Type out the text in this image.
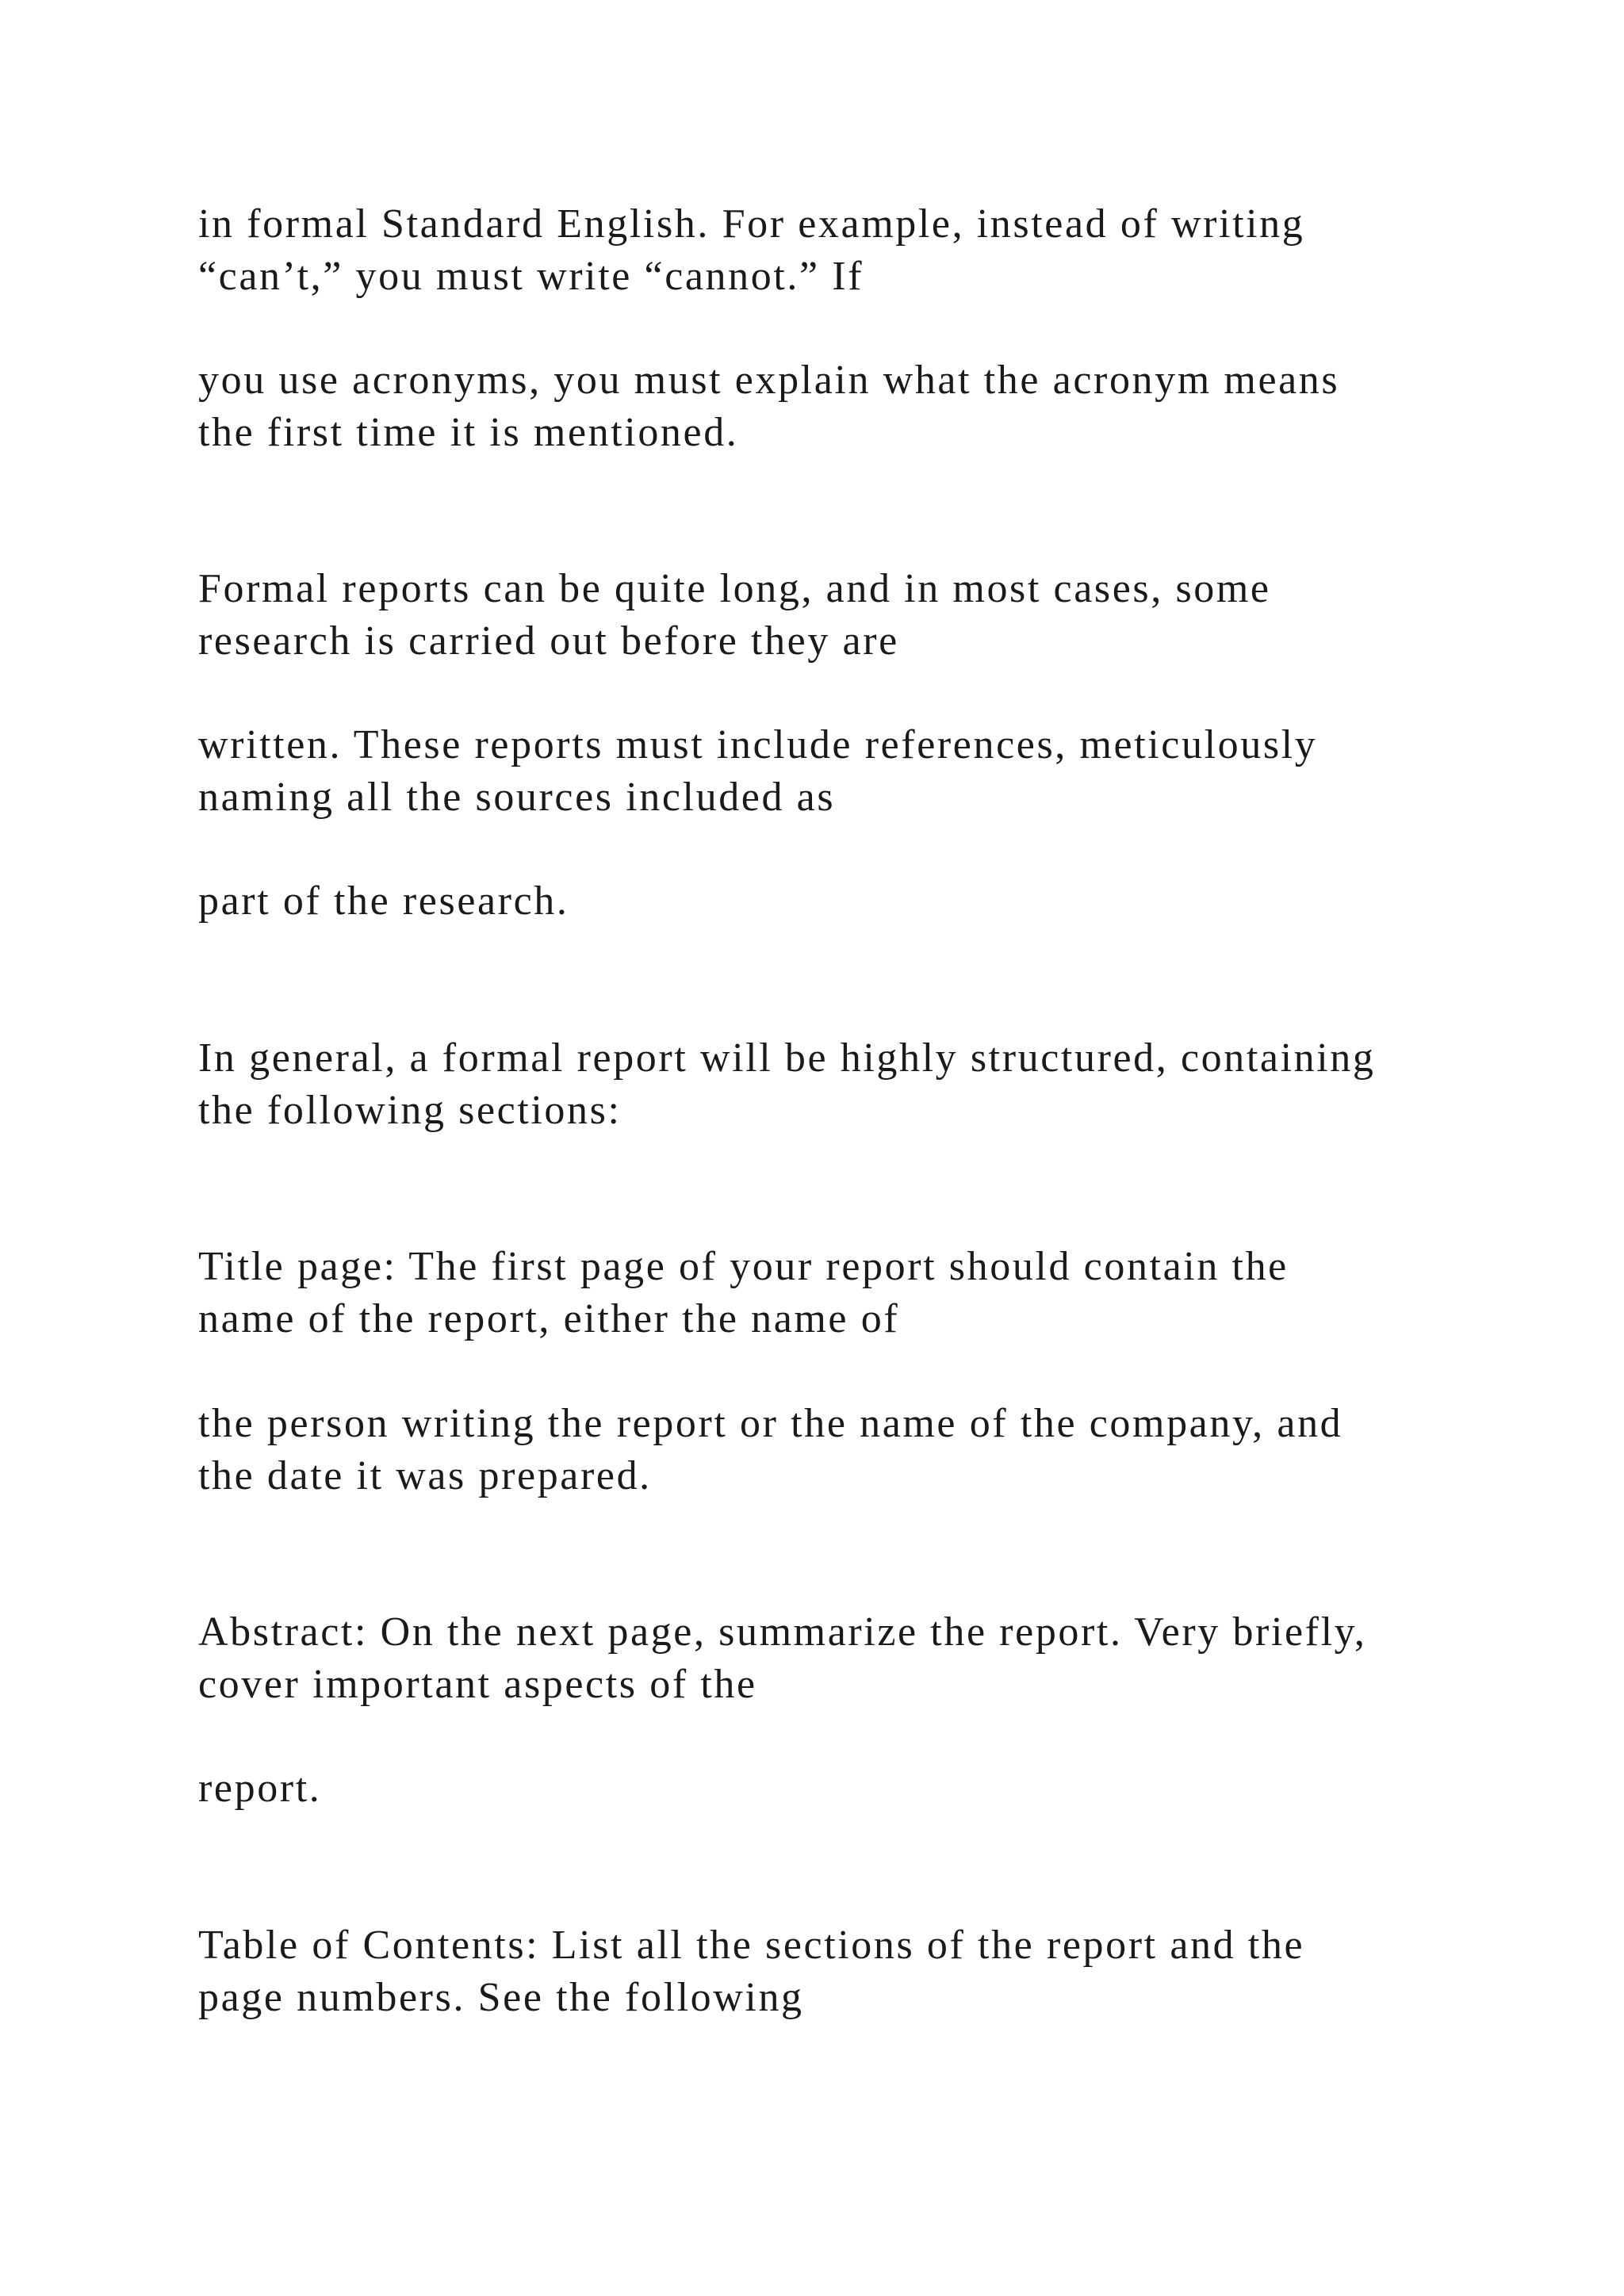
in formal Standard English. For example, instead of writing

“can’t,” you must write “cannot.” If

you use acronyms, you must explain what the acronym means

the first time it is mentioned.

Formal reports can be quite long, and in most cases, some

research is carried out before they are

written. These reports must include references, meticulously

naming all the sources included as

part of the research.

In general, a formal report will be highly structured, containing

the following sections:

Title page: The first page of your report should contain the

name of the report, either the name of

the person writing the report or the name of the company, and

the date it was prepared.

Abstract: On the next page, summarize the report. Very briefly,

cover important aspects of the

report.

Table of Contents: List all the sections of the report and the

page numbers. See the following
